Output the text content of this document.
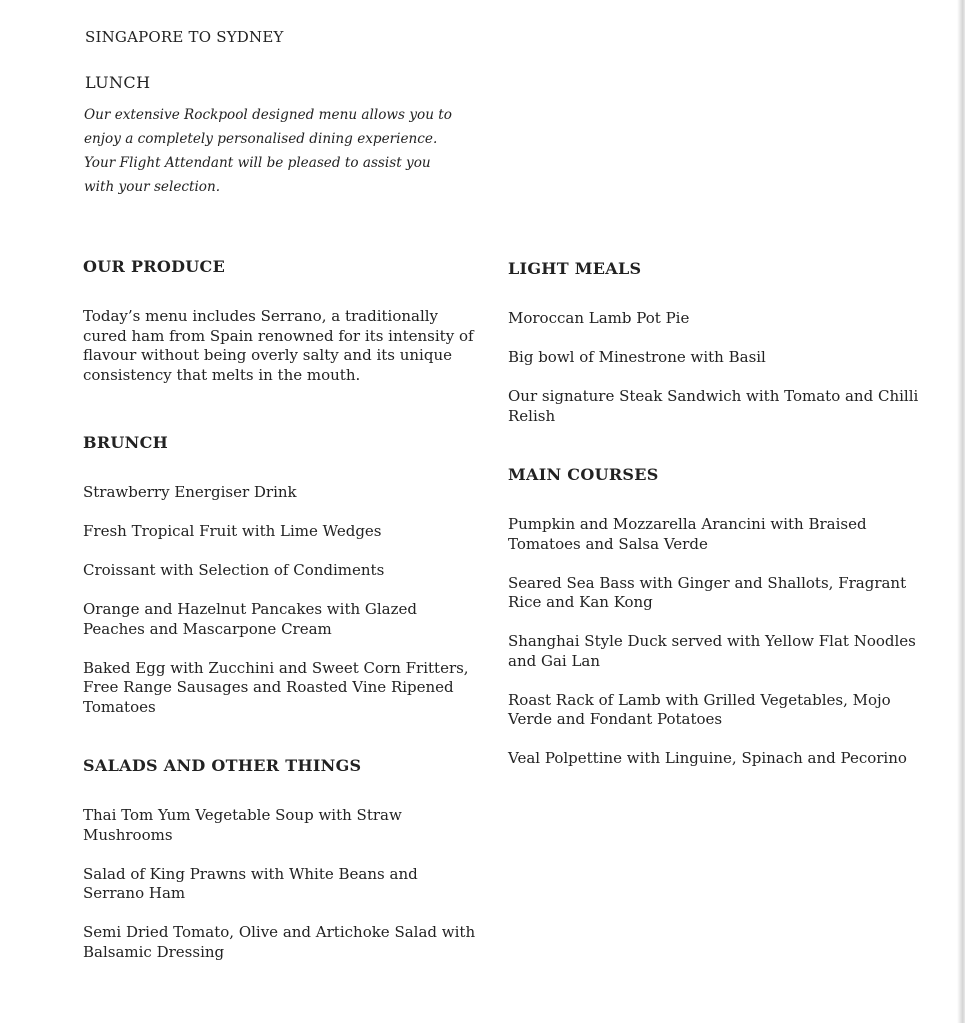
SINGAPORE TO SYDNEY
LUNCH
Our extensive Rockpool designed menu allows you to enjoy a completely personalised dining experience. Your Flight Attendant will be pleased to assist you with your selection.
OUR PRODUCE
Today’s menu includes Serrano, a traditionally cured ham from Spain renowned for its intensity of flavour without being overly salty and its unique consistency that melts in the mouth.
BRUNCH

Strawberry Energiser Drink

Fresh Tropical Fruit with Lime Wedges

Croissant with Selection of Condiments

Orange and Hazelnut Pancakes with Glazed Peaches and Mascarpone Cream

Baked Egg with Zucchini and Sweet Corn Fritters, Free Range Sausages and Roasted Vine Ripened Tomatoes

SALADS AND OTHER THINGS

Thai Tom Yum Vegetable Soup with Straw Mushrooms

Salad of King Prawns with White Beans and Serrano Ham

Semi Dried Tomato, Olive and Artichoke Salad with Balsamic Dressing

LIGHT MEALS

Moroccan Lamb Pot Pie

Big bowl of Minestrone with Basil

Our signature Steak Sandwich with Tomato and Chilli Relish

MAIN COURSES

Pumpkin and Mozzarella Arancini with Braised Tomatoes and Salsa Verde

Seared Sea Bass with Ginger and Shallots, Fragrant Rice and Kan Kong

Shanghai Style Duck served with Yellow Flat Noodles and Gai Lan

Roast Rack of Lamb with Grilled Vegetables, Mojo Verde and Fondant Potatoes

Veal Polpettine with Linguine, Spinach and Pecorino
